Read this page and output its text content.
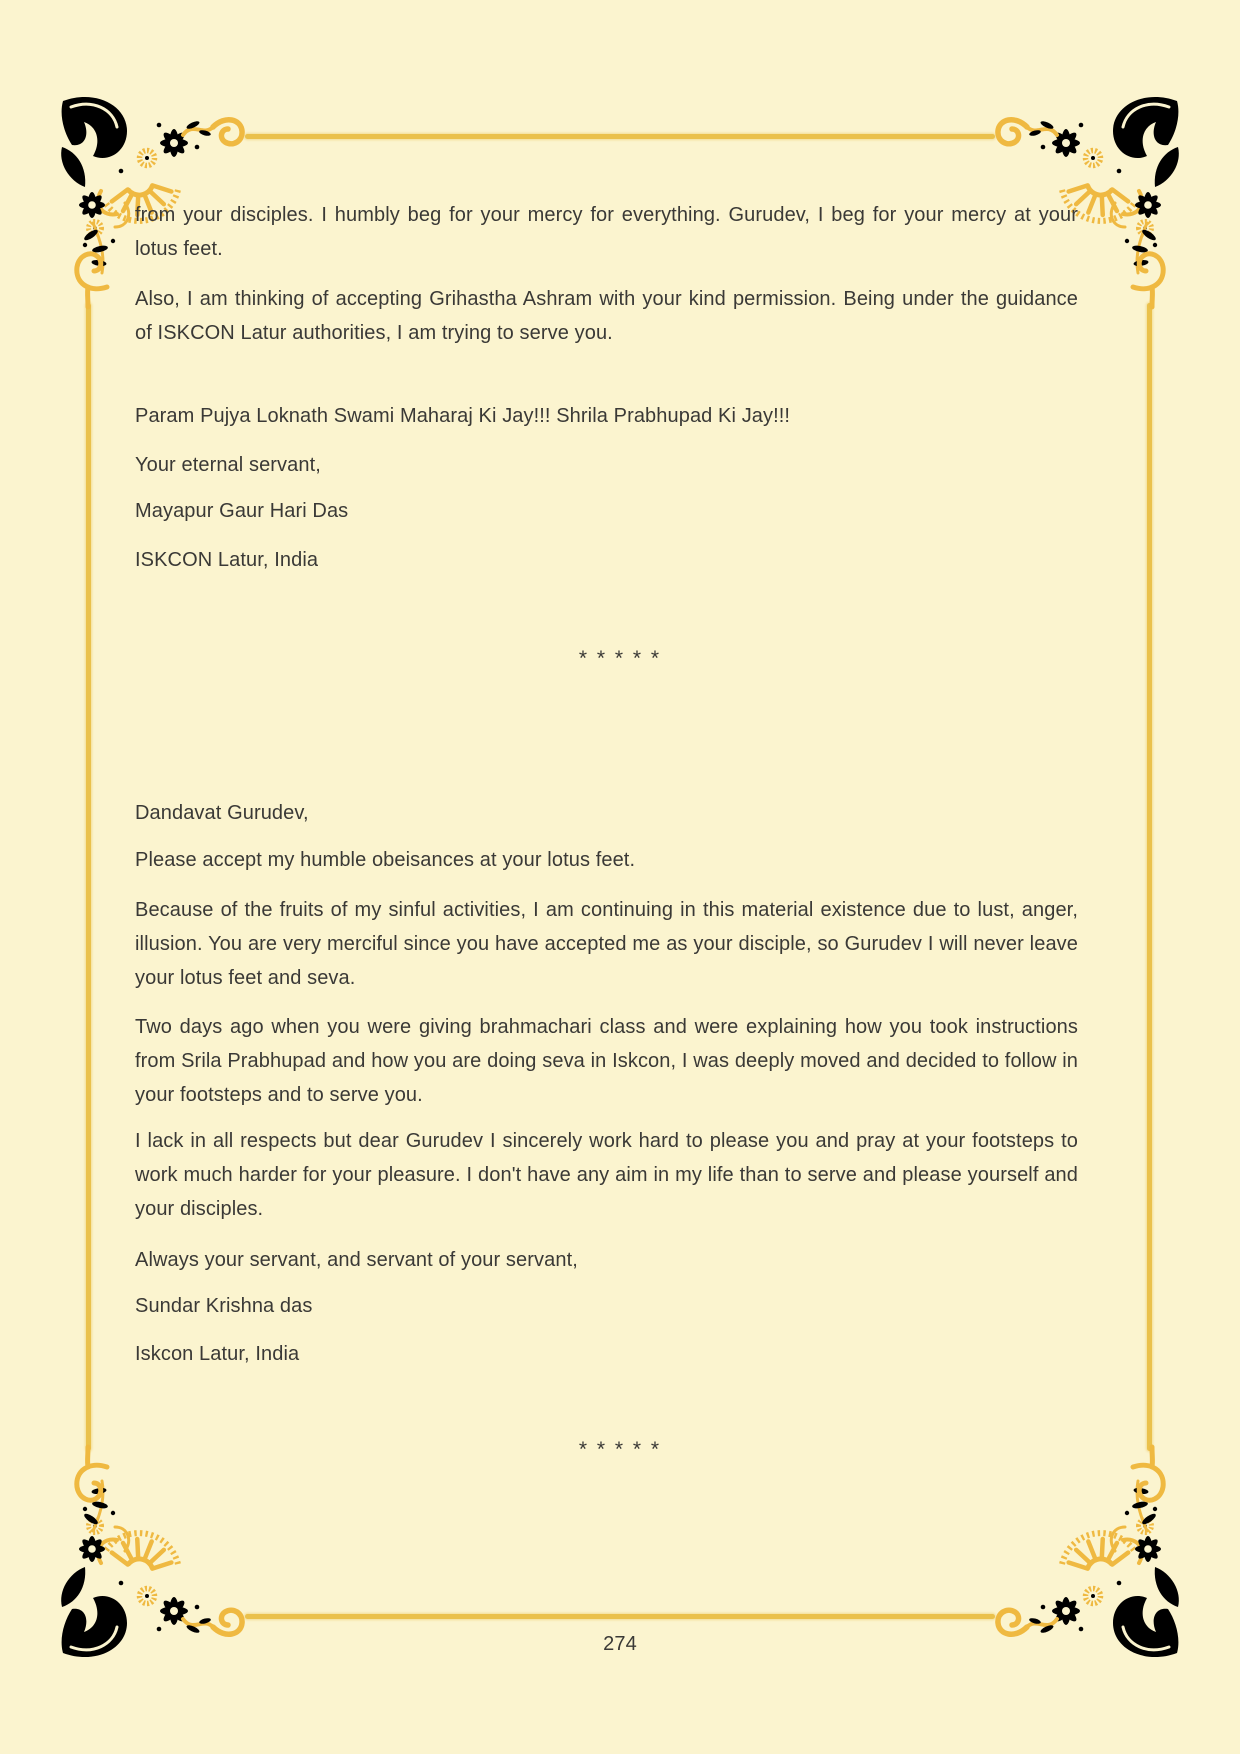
from your disciples. I humbly beg for your mercy for everything. Gurudev, I beg for your mercy at your lotus feet.
Also, I am thinking of accepting Grihastha Ashram with your kind permission. Being under the guidance of ISKCON Latur authorities, I am trying to serve you.
Param Pujya Loknath Swami Maharaj Ki Jay!!! Shrila Prabhupad Ki Jay!!!
Your eternal servant,
Mayapur Gaur Hari Das
ISKCON Latur, India
* * * * *
Dandavat Gurudev,
Please accept my humble obeisances at your lotus feet.
Because of the fruits of my sinful activities, I am continuing in this material existence due to lust, anger, illusion. You are very merciful since you have accepted me as your disciple, so Gurudev I will never leave your lotus feet and seva.
Two days ago when you were giving brahmachari class and were explaining how you took instructions from Srila Prabhupad and how you are doing seva in Iskcon, I was deeply moved and decided to follow in your footsteps and to serve you.
I lack in all respects but dear Gurudev I sincerely work hard to please you and pray at your footsteps to work much harder for your pleasure. I don't have any aim in my life than to serve and please yourself and your disciples.
Always your servant, and servant of your servant,
Sundar Krishna das
Iskcon Latur, India
* * * * *
274
